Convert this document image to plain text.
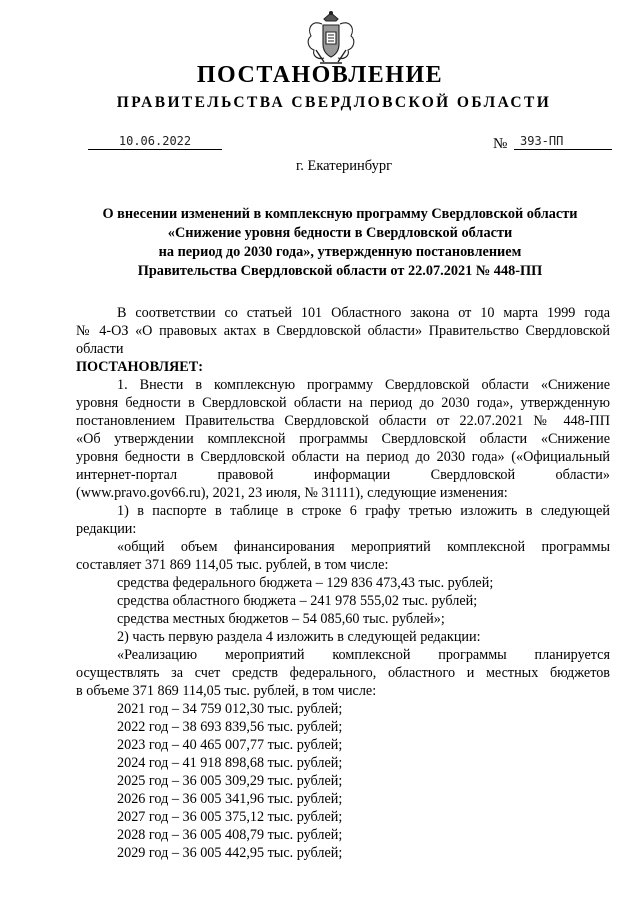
ПОСТАНОВЛЕНИЕ
ПРАВИТЕЛЬСТВА СВЕРДЛОВСКОЙ ОБЛАСТИ
10.06.2022	№	393-ПП
г. Екатеринбург
О внесении изменений в комплексную программу Свердловской области
«Снижение уровня бедности в Свердловской области
на период до 2030 года», утвержденную постановлением
Правительства Свердловской области от 22.07.2021 № 448-ПП

В соответствии со статьей 101 Областного закона от 10 марта 1999 года

№ 4-ОЗ «О правовых актах в Свердловской области» Правительство Свердловской

области

ПОСТАНОВЛЯЕТ:

1. Внести в комплексную программу Свердловской области «Снижение

уровня бедности в Свердловской области на период до 2030 года», утвержденную

постановлением Правительства Свердловской области от 22.07.2021 № 448-ПП

«Об утверждении комплексной программы Свердловской области «Снижение

уровня бедности в Свердловской области на период до 2030 года» («Официальный

интернет-портал правовой информации Свердловской области»

(www.pravo.gov66.ru), 2021, 23 июля, № 31111), следующие изменения:

1) в паспорте в таблице в строке 6 графу третью изложить в следующей

редакции:

«общий объем финансирования мероприятий комплексной программы

составляет 371 869 114,05 тыс. рублей, в том числе:

средства федерального бюджета – 129 836 473,43 тыс. рублей;

средства областного бюджета – 241 978 555,02 тыс. рублей;

средства местных бюджетов – 54 085,60 тыс. рублей»;

2) часть первую раздела 4 изложить в следующей редакции:

«Реализацию мероприятий комплексной программы планируется

осуществлять за счет средств федерального, областного и местных бюджетов

в объеме 371 869 114,05 тыс. рублей, в том числе:

2021 год – 34 759 012,30 тыс. рублей;

2022 год – 38 693 839,56 тыс. рублей;

2023 год – 40 465 007,77 тыс. рублей;

2024 год – 41 918 898,68 тыс. рублей;

2025 год – 36 005 309,29 тыс. рублей;

2026 год – 36 005 341,96 тыс. рублей;

2027 год – 36 005 375,12 тыс. рублей;

2028 год – 36 005 408,79 тыс. рублей;

2029 год – 36 005 442,95 тыс. рублей;
